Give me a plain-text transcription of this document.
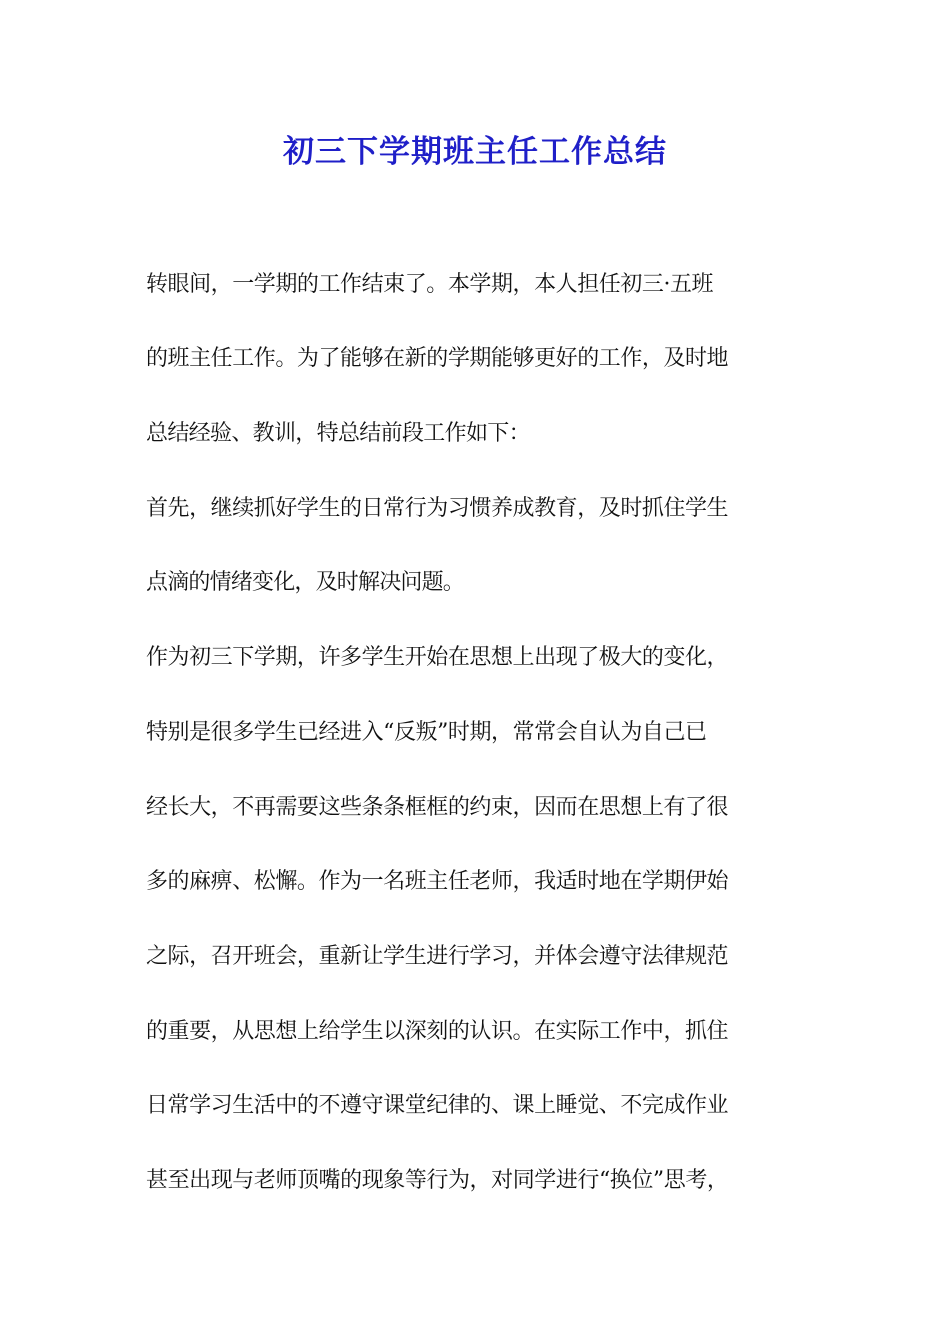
初三下学期班主任工作总结

转眼间，一学期的工作结束了。本学期，本人担任初三·五班

的班主任工作。为了能够在新的学期能够更好的工作，及时地

总结经验、教训，特总结前段工作如下：

首先，继续抓好学生的日常行为习惯养成教育，及时抓住学生

点滴的情绪变化，及时解决问题。

作为初三下学期，许多学生开始在思想上出现了极大的变化，

特别是很多学生已经进入“反叛”时期，常常会自认为自己已

经长大，不再需要这些条条框框的约束，因而在思想上有了很

多的麻痹、松懈。作为一名班主任老师，我适时地在学期伊始

之际，召开班会，重新让学生进行学习，并体会遵守法律规范

的重要，从思想上给学生以深刻的认识。在实际工作中，抓住

日常学习生活中的不遵守课堂纪律的、课上睡觉、不完成作业

甚至出现与老师顶嘴的现象等行为，对同学进行“换位”思考，
